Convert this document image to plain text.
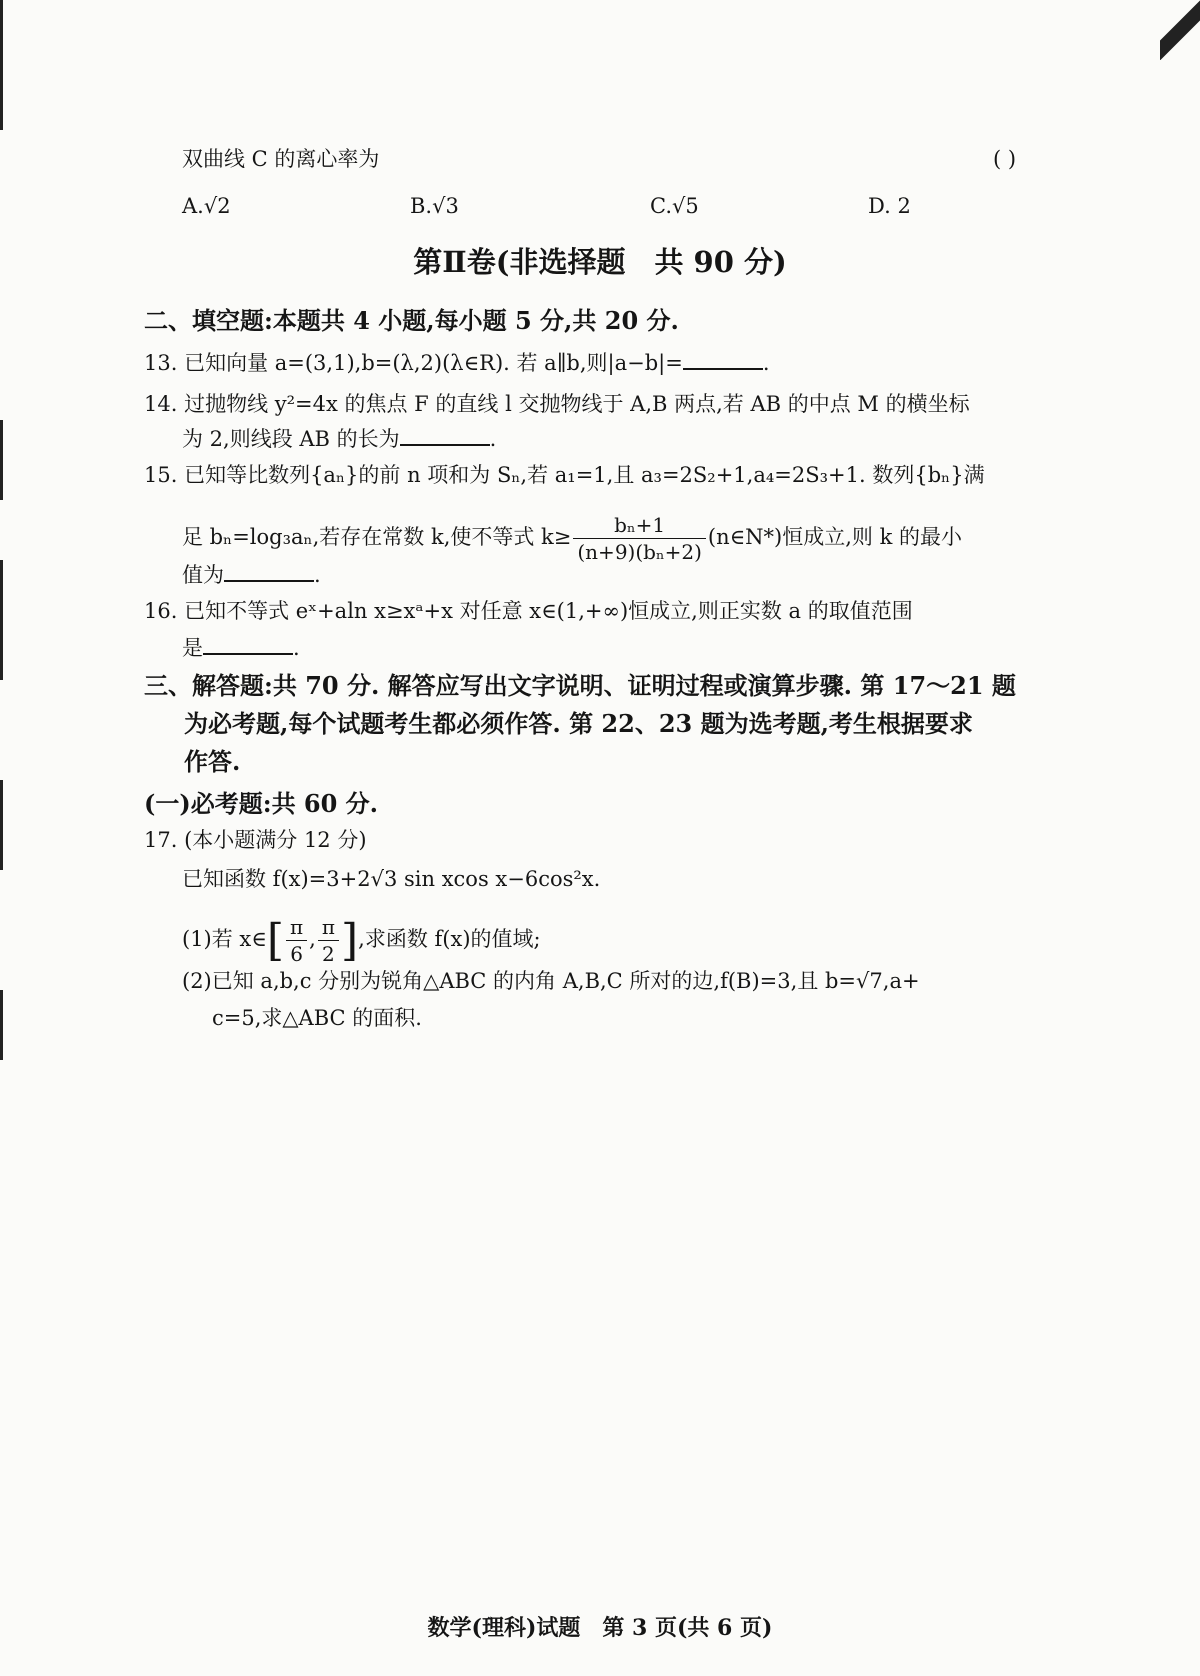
双曲线 C 的离心率为	( )
A.√2	B.√3	C.√5	D. 2
第Ⅱ卷(非选择题　共 90 分)
二、填空题:本题共 4 小题,每小题 5 分,共 20 分.
13. 已知向量 a=(3,1),b=(λ,2)(λ∈R). 若 a∥b,则|a−b|=	.
14. 过抛物线 y²=4x 的焦点 F 的直线 l 交抛物线于 A,B 两点,若 AB 的中点 M 的横坐标
为 2,则线段 AB 的长为	.
15. 已知等比数列{aₙ}的前 n 项和为 Sₙ,若 a₁=1,且 a₃=2S₂+1,a₄=2S₃+1. 数列{bₙ}满
足 bₙ=log₃aₙ,若存在常数 k,使不等式 $k\ge \frac{\text{bₙ+1}}{\text{(n+9)(bₙ+2)}}$ (n∈N*)恒成立,则 k 的最小
值为	.
16. 已知不等式 eˣ+aln x≥xᵃ+x 对任意 x∈(1,+∞)恒成立,则正实数 a 的取值范围
是	.
三、解答题:共 70 分. 解答应写出文字说明、证明过程或演算步骤. 第 17～21 题
为必考题,每个试题考生都必须作答. 第 22、23 题为选考题,考生根据要求
作答.
(一)必考题:共 60 分.
17. (本小题满分 12 分)
已知函数 f(x)=3+2√3 sin xcos x−6cos²x.
(1)若 x∈[ $\frac{\pi}{6}$ , $\frac{\pi}{2}$ ],求函数 f(x)的值域;
(2)已知 a,b,c 分别为锐角△ABC 的内角 A,B,C 所对的边,f(B)=3,且 b=√7,a+
c=5,求△ABC 的面积.
数学(理科)试题　第 3 页(共 6 页)
